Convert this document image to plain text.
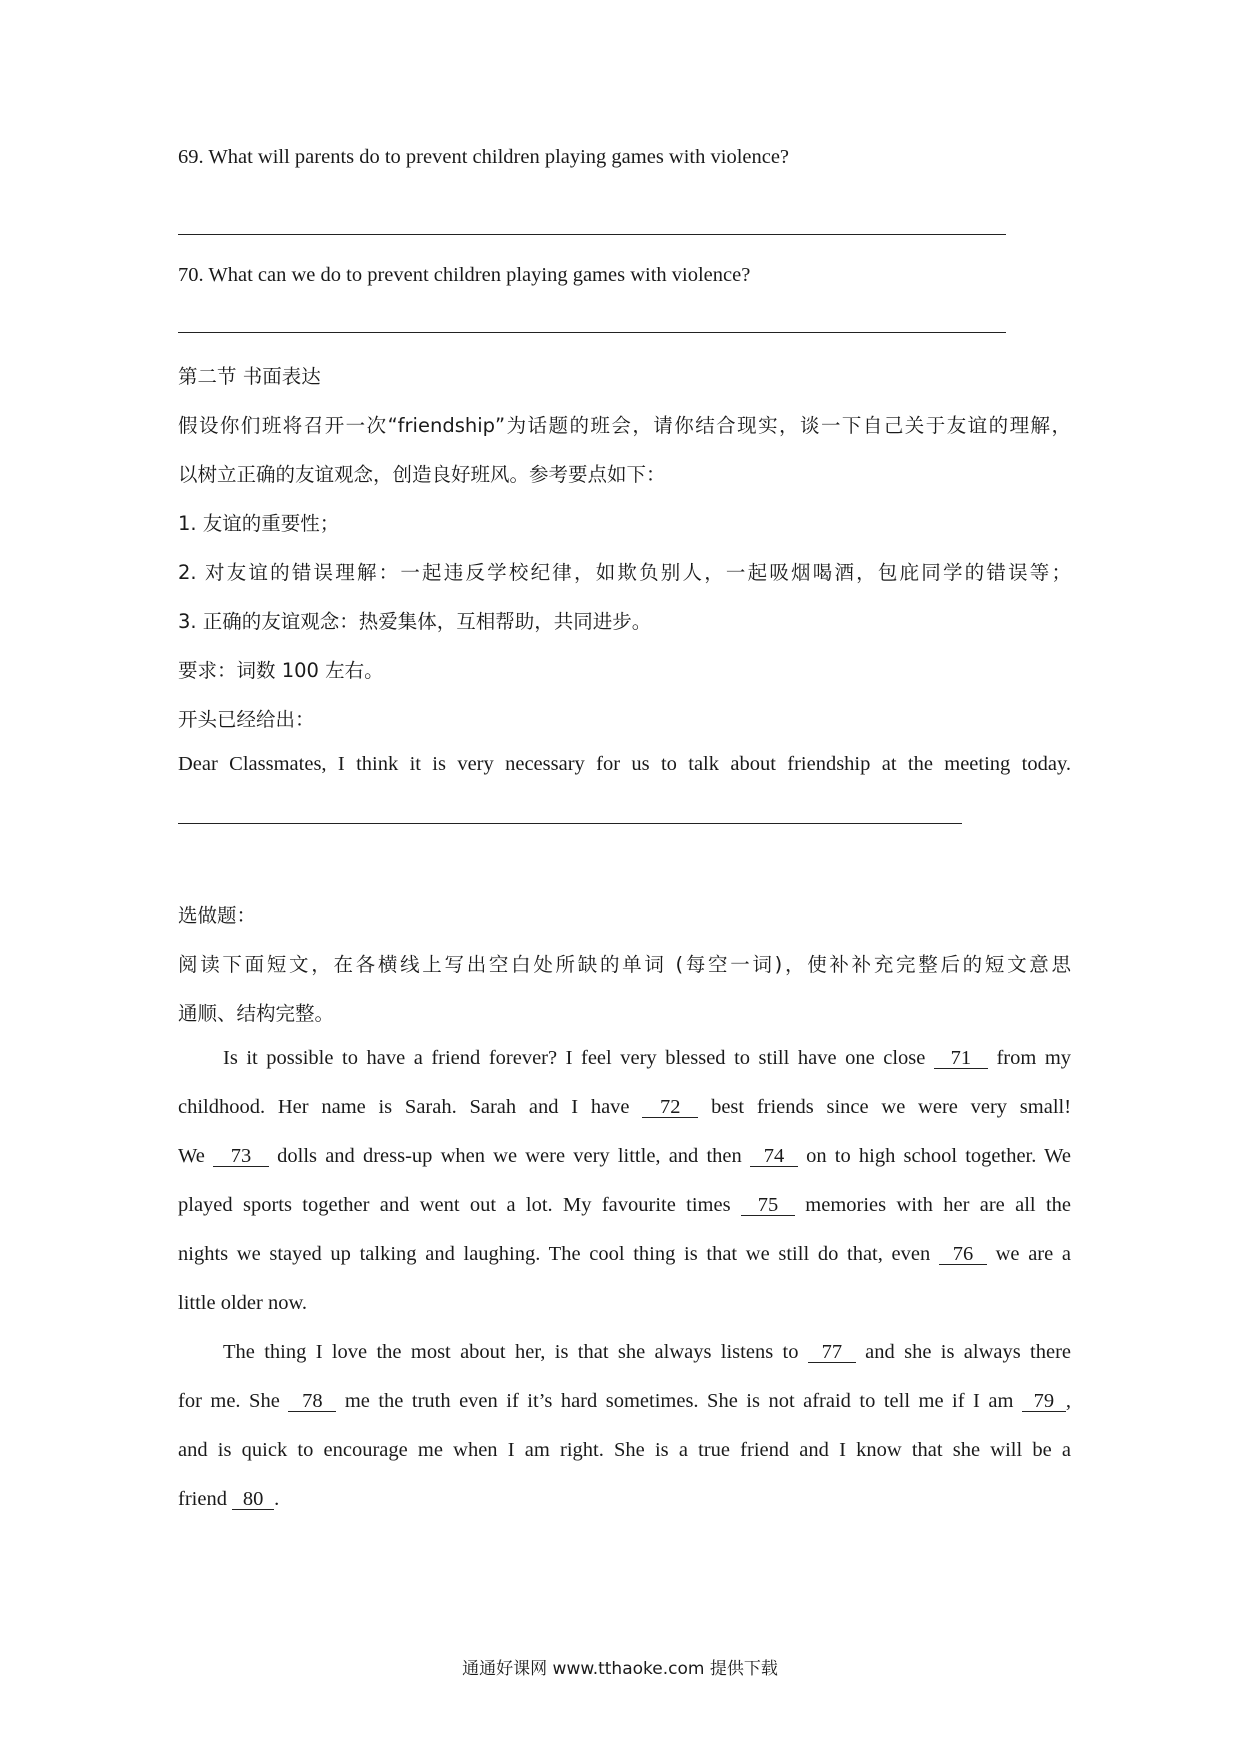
69. What will parents do to prevent children playing games with violence?
70. What can we do to prevent children playing games with violence?
第二节 书面表达
假设你们班将召开一次“friendship”为话题的班会，请你结合现实，谈一下自己关于友谊的理解，
以树立正确的友谊观念，创造良好班风。参考要点如下：
1. 友谊的重要性；
2. 对友谊的错误理解：一起违反学校纪律，如欺负别人，一起吸烟喝酒，包庇同学的错误等；
3. 正确的友谊观念：热爱集体，互相帮助，共同进步。
要求：词数 100 左右。
开头已经给出：
Dear Classmates, I think it is very necessary for us to talk about friendship at the meeting today.
选做题：
阅读下面短文，在各横线上写出空白处所缺的单词 (每空一词)，使补补充完整后的短文意思
通顺、结构完整。
Is it possible to have a friend forever? I feel very blessed to still have one close 71 from my
childhood. Her name is Sarah. Sarah and I have 72 best friends since we were very small!
We 73 dolls and dress-up when we were very little, and then 74 on to high school together. We
played sports together and went out a lot. My favourite times 75 memories with her are all the
nights we stayed up talking and laughing. The cool thing is that we still do that, even 76 we are a
little older now.
The thing I love the most about her, is that she always listens to 77 and she is always there
for me. She 78 me the truth even if it’s hard sometimes. She is not afraid to tell me if I am 79 ,
and is quick to encourage me when I am right. She is a true friend and I know that she will be a
friend 80 .
通通好课网 www.tthaoke.com 提供下载
